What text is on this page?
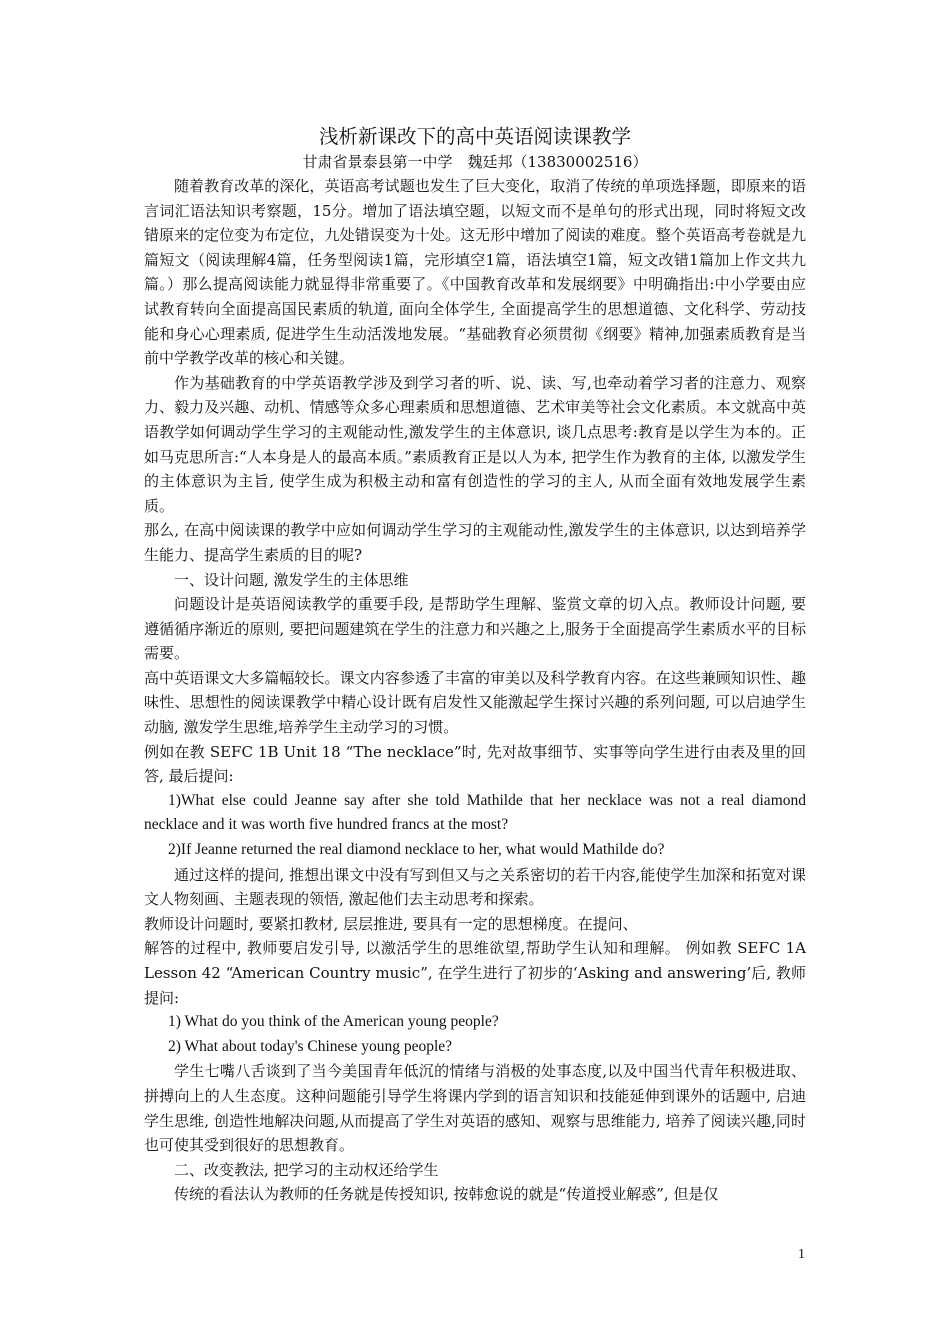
浅析新课改下的高中英语阅读课教学

甘肃省景泰县第一中学　魏廷邦（13830002516）

随着教育改革的深化，英语高考试题也发生了巨大变化，取消了传统的单项选择题，即原来的语言词汇语法知识考察题，15分。增加了语法填空题，以短文而不是单句的形式出现，同时将短文改错原来的定位变为布定位，九处错误变为十处。这无形中增加了阅读的难度。整个英语高考卷就是九篇短文（阅读理解4篇，任务型阅读1篇，完形填空1篇，语法填空1篇，短文改错1篇加上作文共九篇。）那么提高阅读能力就显得非常重要了。《中国教育改革和发展纲要》中明确指出:中小学要由应试教育转向全面提高国民素质的轨道, 面向全体学生, 全面提高学生的思想道德、文化科学、劳动技能和身心心理素质, 促进学生生动活泼地发展。“基础教育必须贯彻《纲要》精神,加强素质教育是当前中学教学改革的核心和关键。

作为基础教育的中学英语教学涉及到学习者的听、说、读、写,也牵动着学习者的注意力、观察力、毅力及兴趣、动机、情感等众多心理素质和思想道德、艺术审美等社会文化素质。本文就高中英语教学如何调动学生学习的主观能动性,激发学生的主体意识, 谈几点思考:教育是以学生为本的。正如马克思所言:“人本身是人的最高本质。”素质教育正是以人为本, 把学生作为教育的主体, 以激发学生的主体意识为主旨, 使学生成为积极主动和富有创造性的学习的主人, 从而全面有效地发展学生素质。

那么, 在高中阅读课的教学中应如何调动学生学习的主观能动性,激发学生的主体意识, 以达到培养学生能力、提高学生素质的目的呢?

一、设计问题, 激发学生的主体思维

问题设计是英语阅读教学的重要手段, 是帮助学生理解、鉴赏文章的切入点。教师设计问题, 要遵循循序渐近的原则, 要把问题建筑在学生的注意力和兴趣之上,服务于全面提高学生素质水平的目标需要。

高中英语课文大多篇幅较长。课文内容参透了丰富的审美以及科学教育内容。在这些兼顾知识性、趣味性、思想性的阅读课教学中精心设计既有启发性又能激起学生探讨兴趣的系列问题, 可以启迪学生动脑, 激发学生思维,培养学生主动学习的习惯。

例如在教 SEFC 1B Unit 18 “The necklace”时, 先对故事细节、实事等向学生进行由表及里的回答, 最后提问:

1)What else could Jeanne say after she told Mathilde that her necklace was not a real diamond necklace and it was worth five hundred francs at the most?

2)If Jeanne returned the real diamond necklace to her, what would Mathilde do?

通过这样的提问, 推想出课文中没有写到但又与之关系密切的若干内容,能使学生加深和拓宽对课文人物刻画、主题表现的领悟, 激起他们去主动思考和探索。

教师设计问题时, 要紧扣教材, 层层推进, 要具有一定的思想梯度。在提问、

解答的过程中, 教师要启发引导, 以激活学生的思维欲望,帮助学生认知和理解。 例如教 SEFC 1A Lesson 42 “American Country music”, 在学生进行了初步的‘Asking and answering’后, 教师提问:

1) What do you think of the American young people?

2) What about today's Chinese young people?

学生七嘴八舌谈到了当今美国青年低沉的情绪与消极的处事态度,以及中国当代青年积极进取、拼搏向上的人生态度。这种问题能引导学生将课内学到的语言知识和技能延伸到课外的话题中, 启迪学生思维, 创造性地解决问题,从而提高了学生对英语的感知、观察与思维能力, 培养了阅读兴趣,同时也可使其受到很好的思想教育。

二、改变教法, 把学习的主动权还给学生

传统的看法认为教师的任务就是传授知识, 按韩愈说的就是“传道授业解惑”, 但是仅

1
